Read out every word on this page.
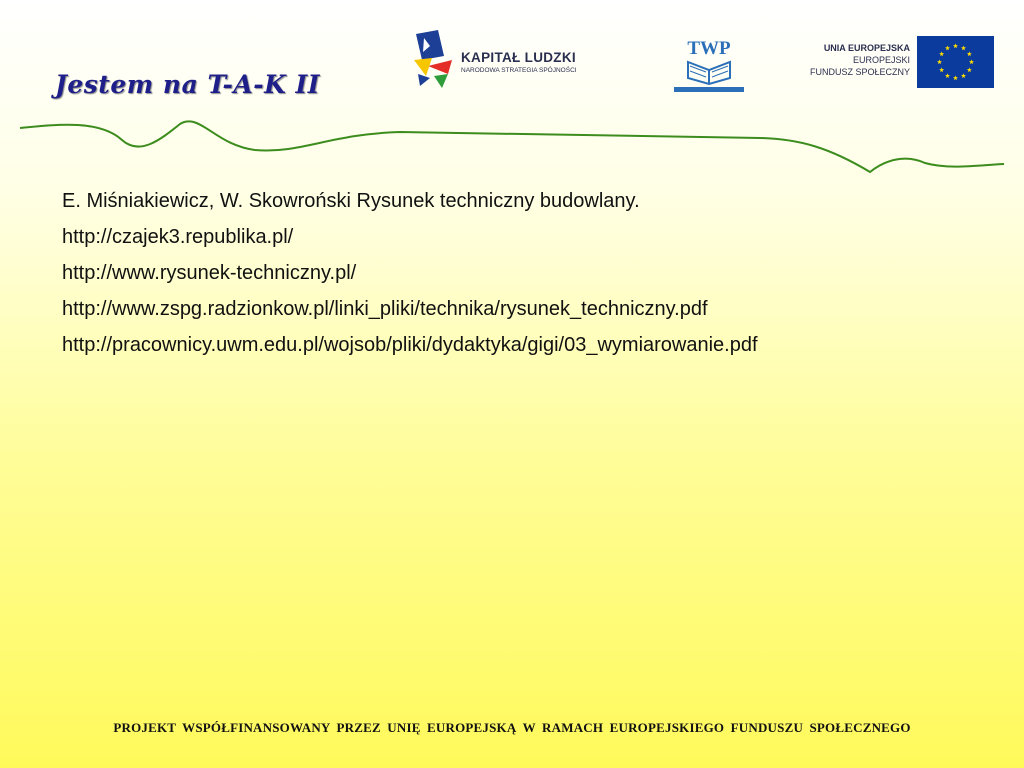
Jestem na T-A-K II
KAPITAŁ LUDZKI
NARODOWA STRATEGIA SPÓJNOŚCI
TWP	UNIA EUROPEJSKA
EUROPEJSKI
FUNDUSZ SPOŁECZNY
E. Miśniakiewicz, W. Skowroński Rysunek techniczny budowlany.
http://czajek3.republika.pl/
http://www.rysunek-techniczny.pl/
http://www.zspg.radzionkow.pl/linki_pliki/technika/rysunek_techniczny.pdf
http://pracownicy.uwm.edu.pl/wojsob/pliki/dydaktyka/gigi/03_wymiarowanie.pdf
PROJEKT WSPÓŁFINANSOWANY PRZEZ UNIĘ EUROPEJSKĄ W RAMACH EUROPEJSKIEGO FUNDUSZU SPOŁECZNEGO
